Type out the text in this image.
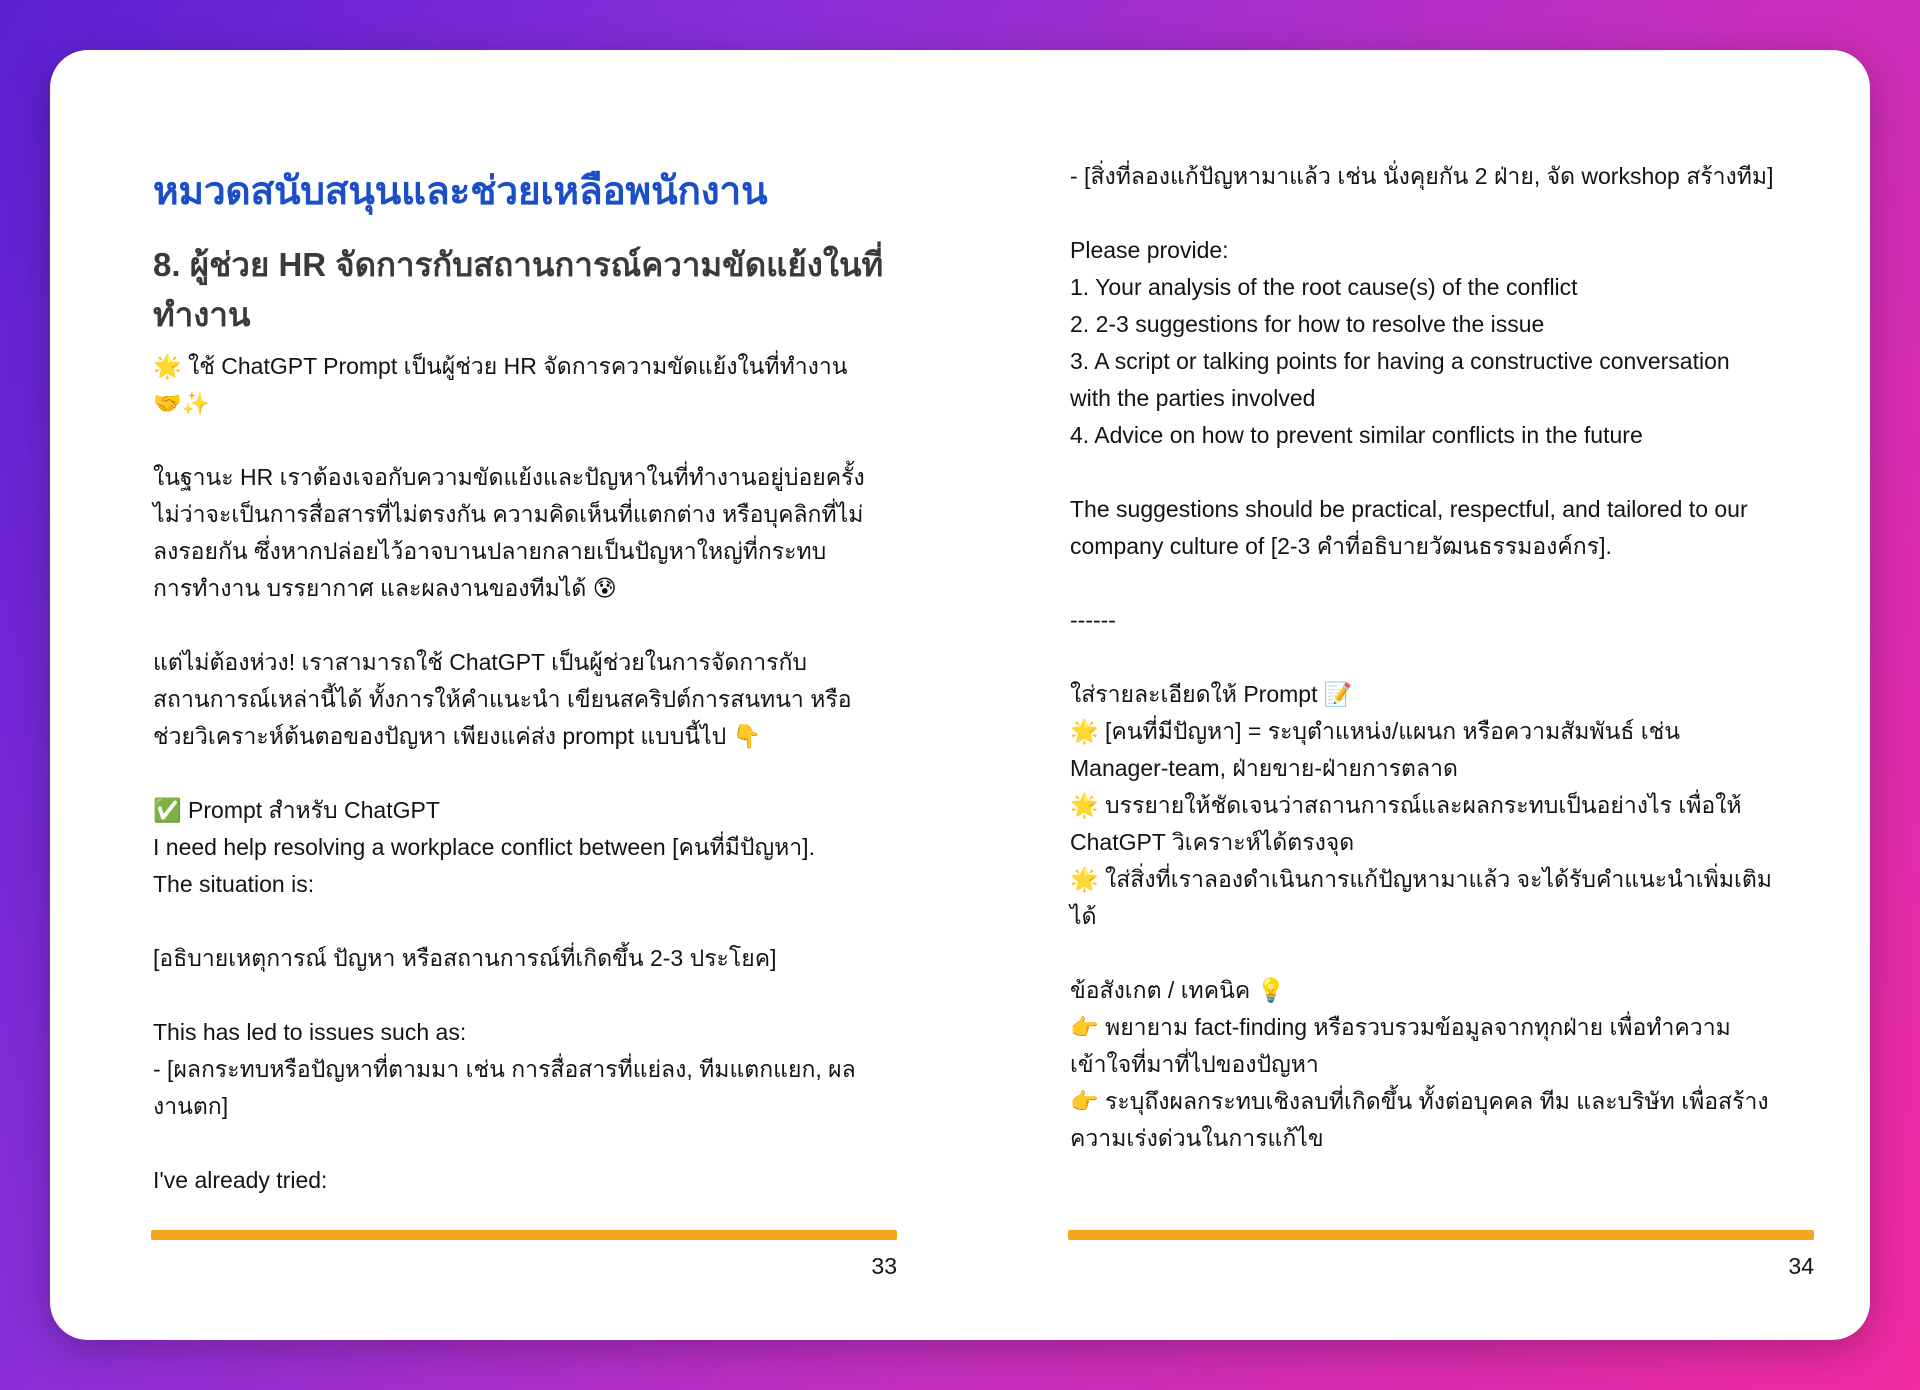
หมวดสนับสนุนและช่วยเหลือพนักงาน
8. ผู้ช่วย HR จัดการกับสถานการณ์ความขัดแย้งในที่ทำงาน
🌟 ใช้ ChatGPT Prompt เป็นผู้ช่วย HR จัดการความขัดแย้งในที่ทำงาน
🤝✨
ในฐานะ HR เราต้องเจอกับความขัดแย้งและปัญหาในที่ทำงานอยู่บ่อยครั้ง
ไม่ว่าจะเป็นการสื่อสารที่ไม่ตรงกัน ความคิดเห็นที่แตกต่าง หรือบุคลิกที่ไม่
ลงรอยกัน ซึ่งหากปล่อยไว้อาจบานปลายกลายเป็นปัญหาใหญ่ที่กระทบ
การทำงาน บรรยากาศ และผลงานของทีมได้ 😰
แต่ไม่ต้องห่วง! เราสามารถใช้ ChatGPT เป็นผู้ช่วยในการจัดการกับ
สถานการณ์เหล่านี้ได้ ทั้งการให้คำแนะนำ เขียนสคริปต์การสนทนา หรือ
ช่วยวิเคราะห์ต้นตอของปัญหา เพียงแค่ส่ง prompt แบบนี้ไป 👇
✅ Prompt สำหรับ ChatGPT
I need help resolving a workplace conflict between [คนที่มีปัญหา].
The situation is:
[อธิบายเหตุการณ์ ปัญหา หรือสถานการณ์ที่เกิดขึ้น 2-3 ประโยค]
This has led to issues such as:
- [ผลกระทบหรือปัญหาที่ตามมา เช่น การสื่อสารที่แย่ลง, ทีมแตกแยก, ผล
งานตก]
I've already tried:
33
- [สิ่งที่ลองแก้ปัญหามาแล้ว เช่น นั่งคุยกัน 2 ฝ่าย, จัด workshop สร้างทีม]
Please provide:
1. Your analysis of the root cause(s) of the conflict
2. 2-3 suggestions for how to resolve the issue
3. A script or talking points for having a constructive conversation
with the parties involved
4. Advice on how to prevent similar conflicts in the future
The suggestions should be practical, respectful, and tailored to our
company culture of [2-3 คำที่อธิบายวัฒนธรรมองค์กร].
------
ใส่รายละเอียดให้ Prompt 📝
🌟 [คนที่มีปัญหา] = ระบุตำแหน่ง/แผนก หรือความสัมพันธ์ เช่น
Manager-team, ฝ่ายขาย-ฝ่ายการตลาด
🌟 บรรยายให้ชัดเจนว่าสถานการณ์และผลกระทบเป็นอย่างไร เพื่อให้
ChatGPT วิเคราะห์ได้ตรงจุด
🌟 ใส่สิ่งที่เราลองดำเนินการแก้ปัญหามาแล้ว จะได้รับคำแนะนำเพิ่มเติม
ได้
ข้อสังเกต / เทคนิค 💡
👉 พยายาม fact-finding หรือรวบรวมข้อมูลจากทุกฝ่าย เพื่อทำความ
เข้าใจที่มาที่ไปของปัญหา
👉 ระบุถึงผลกระทบเชิงลบที่เกิดขึ้น ทั้งต่อบุคคล ทีม และบริษัท เพื่อสร้าง
ความเร่งด่วนในการแก้ไข
34
